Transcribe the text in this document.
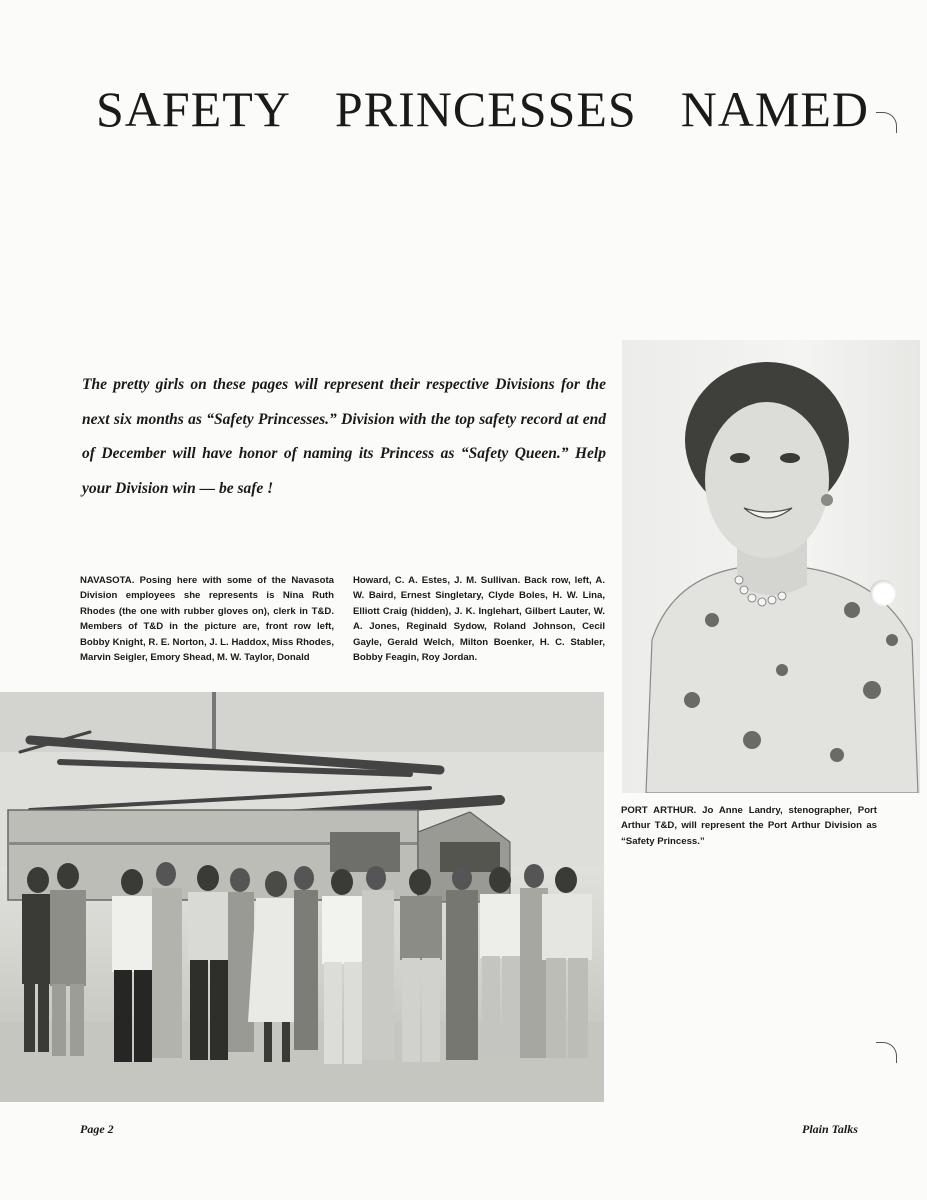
SAFETY PRINCESSES NAMED

The pretty girls on these pages will represent their respective Divisions for the next six months as “Safety Princesses.” Division with the top safety record at end of December will have honor of naming its Princess as “Safety Queen.” Help your Division win — be safe !

NAVASOTA. Posing here with some of the Navasota Division employees she represents is Nina Ruth Rhodes (the one with rubber gloves on), clerk in T&D. Members of T&D in the picture are, front row left, Bobby Knight, R. E. Norton, J. L. Haddox, Miss Rhodes, Marvin Seigler, Emory Shead, M. W. Taylor, Donald

Howard, C. A. Estes, J. M. Sullivan. Back row, left, A. W. Baird, Ernest Singletary, Clyde Boles, H. W. Lina, Elliott Craig (hidden), J. K. Inglehart, Gilbert Lauter, W. A. Jones, Reginald Sydow, Roland Johnson, Cecil Gayle, Gerald Welch, Milton Boenker, H. C. Stabler, Bobby Feagin, Roy Jordan.

PORT ARTHUR. Jo Anne Landry, stenographer, Port Arthur T&D, will represent the Port Arthur Division as “Safety Princess.”

Page 2	Plain Talks
